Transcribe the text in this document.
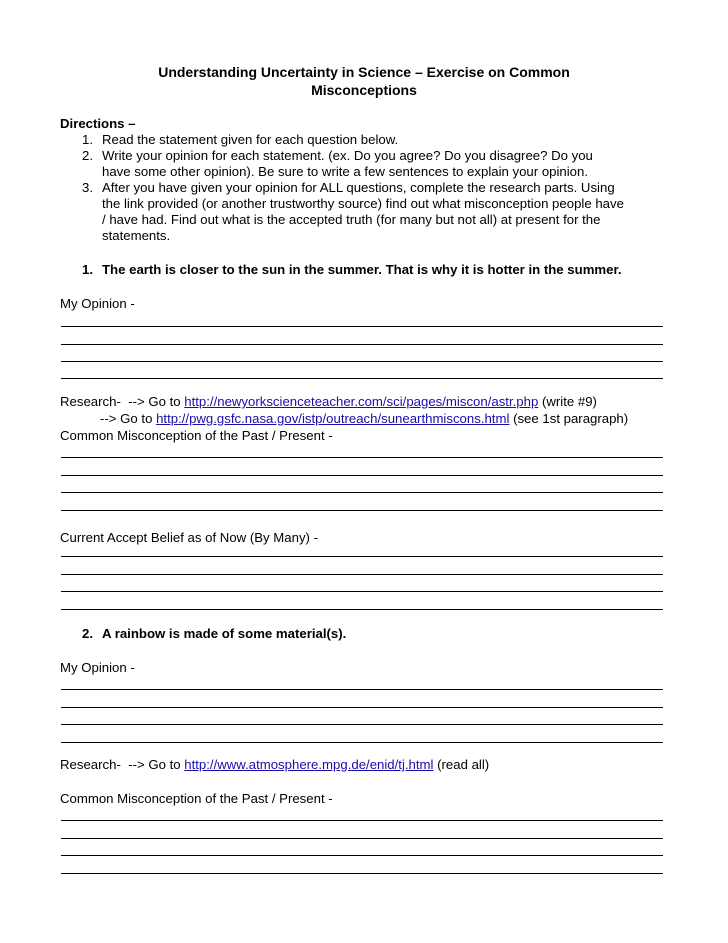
Understanding Uncertainty in Science – Exercise on Common
Misconceptions
Directions –
1. Read the statement given for each question below.
2. Write your opinion for each statement. (ex. Do you agree? Do you disagree? Do you
have some other opinion). Be sure to write a few sentences to explain your opinion.
3. After you have given your opinion for ALL questions, complete the research parts. Using
the link provided (or another trustworthy source) find out what misconception people have
/ have had. Find out what is the accepted truth (for many but not all) at present for the
statements.
1. The earth is closer to the sun in the summer. That is why it is hotter in the summer.
My Opinion -
Research-  --> Go to http://newyorkscienceteacher.com/sci/pages/miscon/astr.php (write #9)
--> Go to http://pwg.gsfc.nasa.gov/istp/outreach/sunearthmiscons.html (see 1st paragraph)
Common Misconception of the Past / Present -
Current Accept Belief as of Now (By Many) -
2. A rainbow is made of some material(s).
My Opinion -
Research-  --> Go to http://www.atmosphere.mpg.de/enid/tj.html (read all)
Common Misconception of the Past / Present -
